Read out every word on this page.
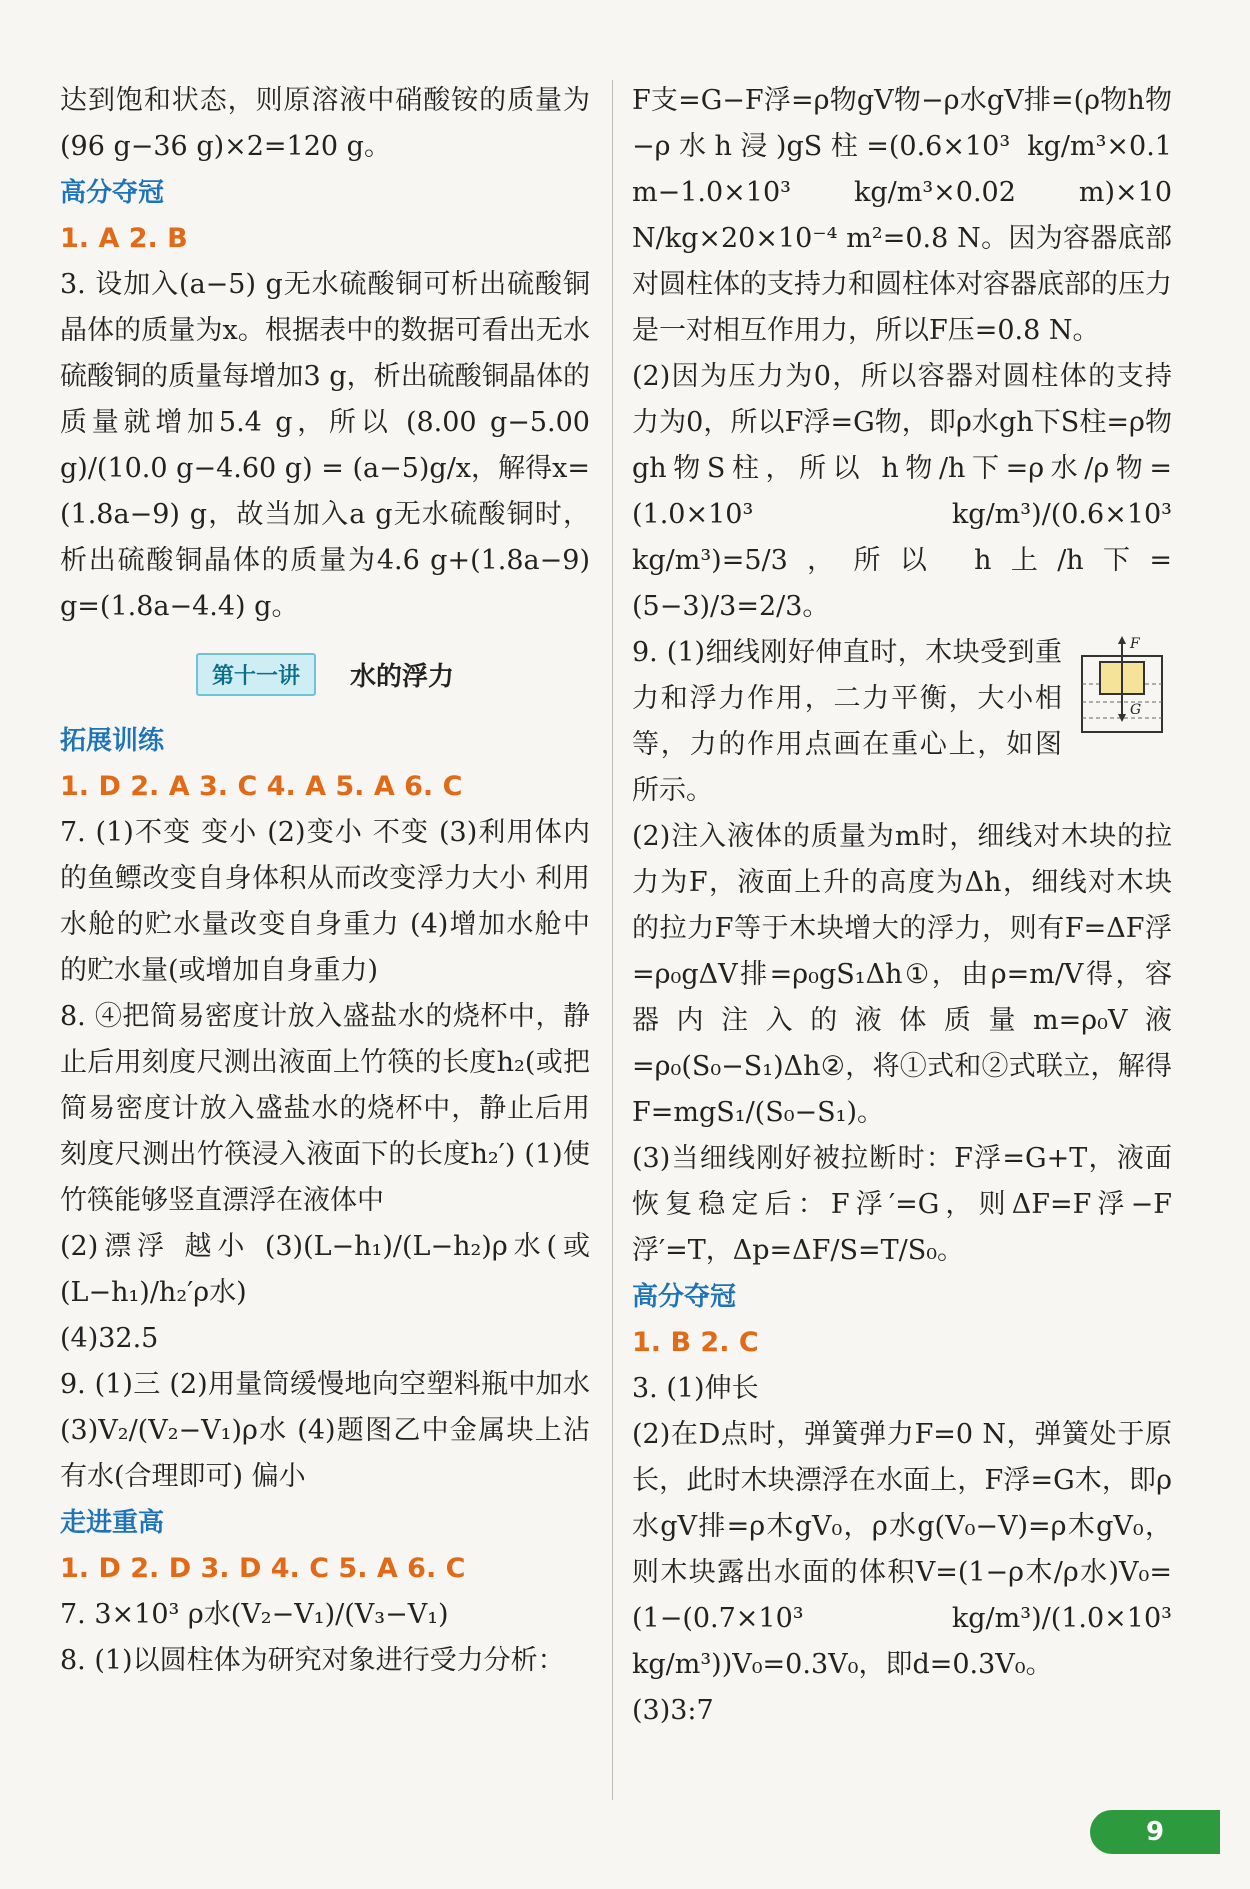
达到饱和状态，则原溶液中硝酸铵的质量为(96 g−36 g)×2=120 g。

高分夺冠

1. A 2. B

3. 设加入(a−5) g无水硫酸铜可析出硫酸铜晶体的质量为x。根据表中的数据可看出无水硫酸铜的质量每增加3 g，析出硫酸铜晶体的质量就增加5.4 g，所以 (8.00 g−5.00 g)/(10.0 g−4.60 g) = (a−5)g/x，解得x=(1.8a−9) g，故当加入a g无水硫酸铜时，析出硫酸铜晶体的质量为4.6 g+(1.8a−9) g=(1.8a−4.4) g。

第十一讲	水的浮力
拓展训练

1. D 2. A 3. C 4. A 5. A 6. C

7. (1)不变 变小 (2)变小 不变 (3)利用体内的鱼鳔改变自身体积从而改变浮力大小 利用水舱的贮水量改变自身重力 (4)增加水舱中的贮水量(或增加自身重力)

8. ④把简易密度计放入盛盐水的烧杯中，静止后用刻度尺测出液面上竹筷的长度h₂(或把简易密度计放入盛盐水的烧杯中，静止后用刻度尺测出竹筷浸入液面下的长度h₂′) (1)使竹筷能够竖直漂浮在液体中

(2)漂浮 越小 (3)(L−h₁)/(L−h₂)ρ水(或(L−h₁)/h₂′ρ水)

(4)32.5

9. (1)三 (2)用量筒缓慢地向空塑料瓶中加水 (3)V₂/(V₂−V₁)ρ水 (4)题图乙中金属块上沾有水(合理即可) 偏小

走进重高

1. D 2. D 3. D 4. C 5. A 6. C

7. 3×10³ ρ水(V₂−V₁)/(V₃−V₁)

8. (1)以圆柱体为研究对象进行受力分析：

F支=G−F浮=ρ物gV物−ρ水gV排=(ρ物h物−ρ水h浸)gS柱=(0.6×10³ kg/m³×0.1 m−1.0×10³ kg/m³×0.02 m)×10 N/kg×20×10⁻⁴ m²=0.8 N。因为容器底部对圆柱体的支持力和圆柱体对容器底部的压力是一对相互作用力，所以F压=0.8 N。

(2)因为压力为0，所以容器对圆柱体的支持力为0，所以F浮=G物，即ρ水gh下S柱=ρ物gh物S柱，所以 h物/h下=ρ水/ρ物=(1.0×10³ kg/m³)/(0.6×10³ kg/m³)=5/3，所以 h上/h下=(5−3)/3=2/3。

F
G

9. (1)细线刚好伸直时，木块受到重力和浮力作用，二力平衡，大小相等，力的作用点画在重心上，如图所示。

(2)注入液体的质量为m时，细线对木块的拉力为F，液面上升的高度为Δh，细线对木块的拉力F等于木块增大的浮力，则有F=ΔF浮=ρ₀gΔV排=ρ₀gS₁Δh①，由ρ=m/V得，容器内注入的液体质量m=ρ₀V液=ρ₀(S₀−S₁)Δh②，将①式和②式联立，解得F=mgS₁/(S₀−S₁)。

(3)当细线刚好被拉断时：F浮=G+T，液面恢复稳定后：F浮′=G，则ΔF=F浮−F浮′=T，Δp=ΔF/S=T/S₀。

高分夺冠

1. B 2. C

3. (1)伸长

(2)在D点时，弹簧弹力F=0 N，弹簧处于原长，此时木块漂浮在水面上，F浮=G木，即ρ水gV排=ρ木gV₀，ρ水g(V₀−V)=ρ木gV₀，则木块露出水面的体积V=(1−ρ木/ρ水)V₀=(1−(0.7×10³ kg/m³)/(1.0×10³ kg/m³))V₀=0.3V₀，即d=0.3V₀。

(3)3:7

9
